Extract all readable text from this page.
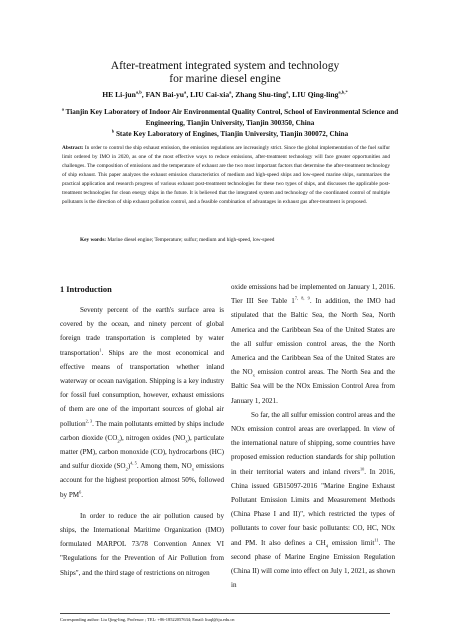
After-treatment integrated system and technology
for marine diesel engine
HE Li-jun$^{a,b}$, FAN Bai-$yu^a$, LIU Cai-xia$^a$, Zhang Shu-ting$^a$, LIU Qing-ling$^{a,b,*}$
$^a$ Tianjin Key Laboratory of Indoor Air Environmental Quality Control, School of Environmental Science and Engineering, Tianjin University, Tianjin 300350, China
$^b$ State Key Laboratory of Engines, Tianjin University, Tianjin 300072, China
Abstract: In order to control the ship exhaust emission, the emission regulations are increasingly strict. Since the global implementation of the fuel sulfur limit ordered by IMO in 2020, as one of the most effective ways to reduce emissions, after-treatment technology will face greater opportunities and challenges. The composition of emissions and the temperature of exhaust are the two most important factors that determine the after-treatment technology of ship exhaust. This paper analyzes the exhaust emission characteristics of medium and high-speed ships and low-speed marine ships, summarizes the practical application and research progress of various exhaust post-treatment technologies for these two types of ships, and discusses the applicable post-treatment technologies for clean energy ships in the future. It is believed that the integrated system and technology of the coordinated control of multiple pollutants is the direction of ship exhaust pollution control, and a feasible combination of advantages in exhaust gas after-treatment is proposed.
Key words: Marine diesel engine; Temperature; sulfur; medium and high-speed, low-speed
1 Introduction

Seventy percent of the earth's surface area is covered by the ocean, and ninety percent of global foreign trade transportation is completed by water transportation$^1$. Ships are the most economical and effective means of transportation whether inland waterway or ocean navigation. Shipping is a key industry for fossil fuel consumption, however, exhaust emissions of them are one of the important sources of global air pollution$^{2, 3}$. The main pollutants emitted by ships include carbon dioxide $(CO_2)$, nitrogen oxides $(NO_x)$, particulate matter (PM), carbon monoxide (CO), hydrocarbons (HC) and sulfur dioxide $(SO_2)^{4, 5}$. Among them, $NO_x$ emissions account for the highest proportion almost 50%, followed by $PM^6$.

In order to reduce the air pollution caused by ships, the International Maritime Organization (IMO) formulated MARPOL 73/78 Convention Annex VI "Regulations for the Prevention of Air Pollution from Ships", and the third stage of restrictions on nitrogen

oxide emissions had be implemented on January 1, 2016. Tier III See Table 1$^{7, 8, 9}$. In addition, the IMO had stipulated that the Baltic Sea, the North Sea, North America and the Caribbean Sea of the United States are the all sulfur emission control areas, the the North America and the Caribbean Sea of the United States are the $NO_x$ emission control areas. The North Sea and the Baltic Sea will be the NOx Emission Control Area from January 1, 2021.

So far, the all sulfur emission control areas and the NOx emission control areas are overlapped. In view of the international nature of shipping, some countries have proposed emission reduction standards for ship pollution in their territorial waters and inland rivers$^{10}$. In 2016, China issued GB15097-2016 "Marine Engine Exhaust Pollutant Emission Limits and Measurement Methods (China Phase I and II)", which restricted the types of pollutants to cover four basic pollutants: CO, HC, NOx and PM. It also defines a $CH_4$ emission limit$^{11}$. The second phase of Marine Engine Emission Regulation (China II) will come into effect on July 1, 2021, as shown in

Corresponding author: Liu Qing-ling, Professor ; TEL: +86-18522057634; Email: liuql@tju.edu.cn
